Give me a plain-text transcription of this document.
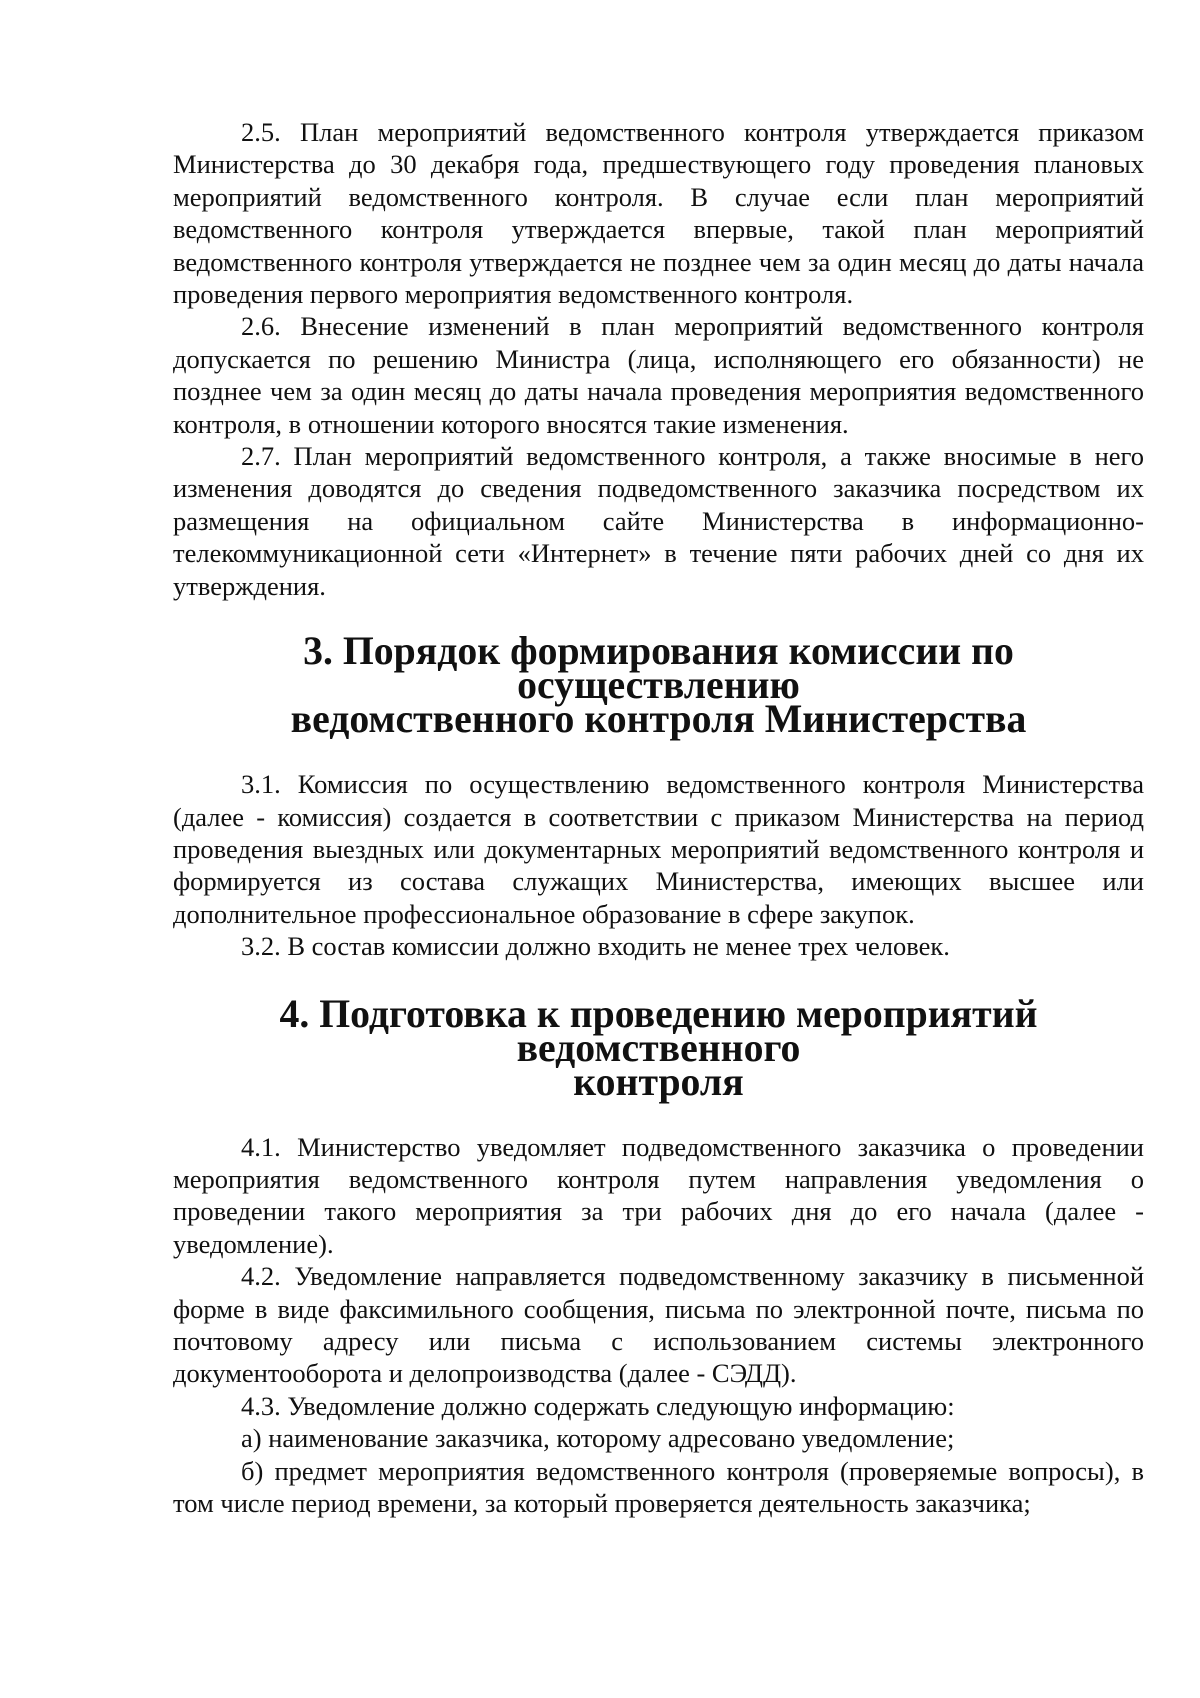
2.5. План мероприятий ведомственного контроля утверждается приказом Министерства до 30 декабря года, предшествующего году проведения плановых мероприятий ведомственного контроля. В случае если план мероприятий ведомственного контроля утверждается впервые, такой план мероприятий ведомственного контроля утверждается не позднее чем за один месяц до даты начала проведения первого мероприятия ведомственного контроля.

2.6. Внесение изменений в план мероприятий ведомственного контроля допускается по решению Министра (лица, исполняющего его обязанности) не позднее чем за один месяц до даты начала проведения мероприятия ведомственного контроля, в отношении которого вносятся такие изменения.

2.7. План мероприятий ведомственного контроля, а также вносимые в него изменения доводятся до сведения подведомственного заказчика посредством их размещения на официальном сайте Министерства в информационно-телекоммуникационной сети «Интернет» в течение пяти рабочих дней со дня их утверждения.

3. Порядок формирования комиссии по осуществлению
ведомственного контроля Министерства

3.1. Комиссия по осуществлению ведомственного контроля Министерства (далее - комиссия) создается в соответствии с приказом Министерства на период проведения выездных или документарных мероприятий ведомственного контроля и формируется из состава служащих Министерства, имеющих высшее или дополнительное профессиональное образование в сфере закупок.

3.2. В состав комиссии должно входить не менее трех человек.

4. Подготовка к проведению мероприятий ведомственного
контроля

4.1. Министерство уведомляет подведомственного заказчика о проведении мероприятия ведомственного контроля путем направления уведомления о проведении такого мероприятия за три рабочих дня до его начала (далее - уведомление).

4.2. Уведомление направляется подведомственному заказчику в письменной форме в виде факсимильного сообщения, письма по электронной почте, письма по почтовому адресу или письма с использованием системы электронного документооборота и делопроизводства (далее - СЭДД).

4.3. Уведомление должно содержать следующую информацию:

а) наименование заказчика, которому адресовано уведомление;

б) предмет мероприятия ведомственного контроля (проверяемые вопросы), в том числе период времени, за который проверяется деятельность заказчика;
